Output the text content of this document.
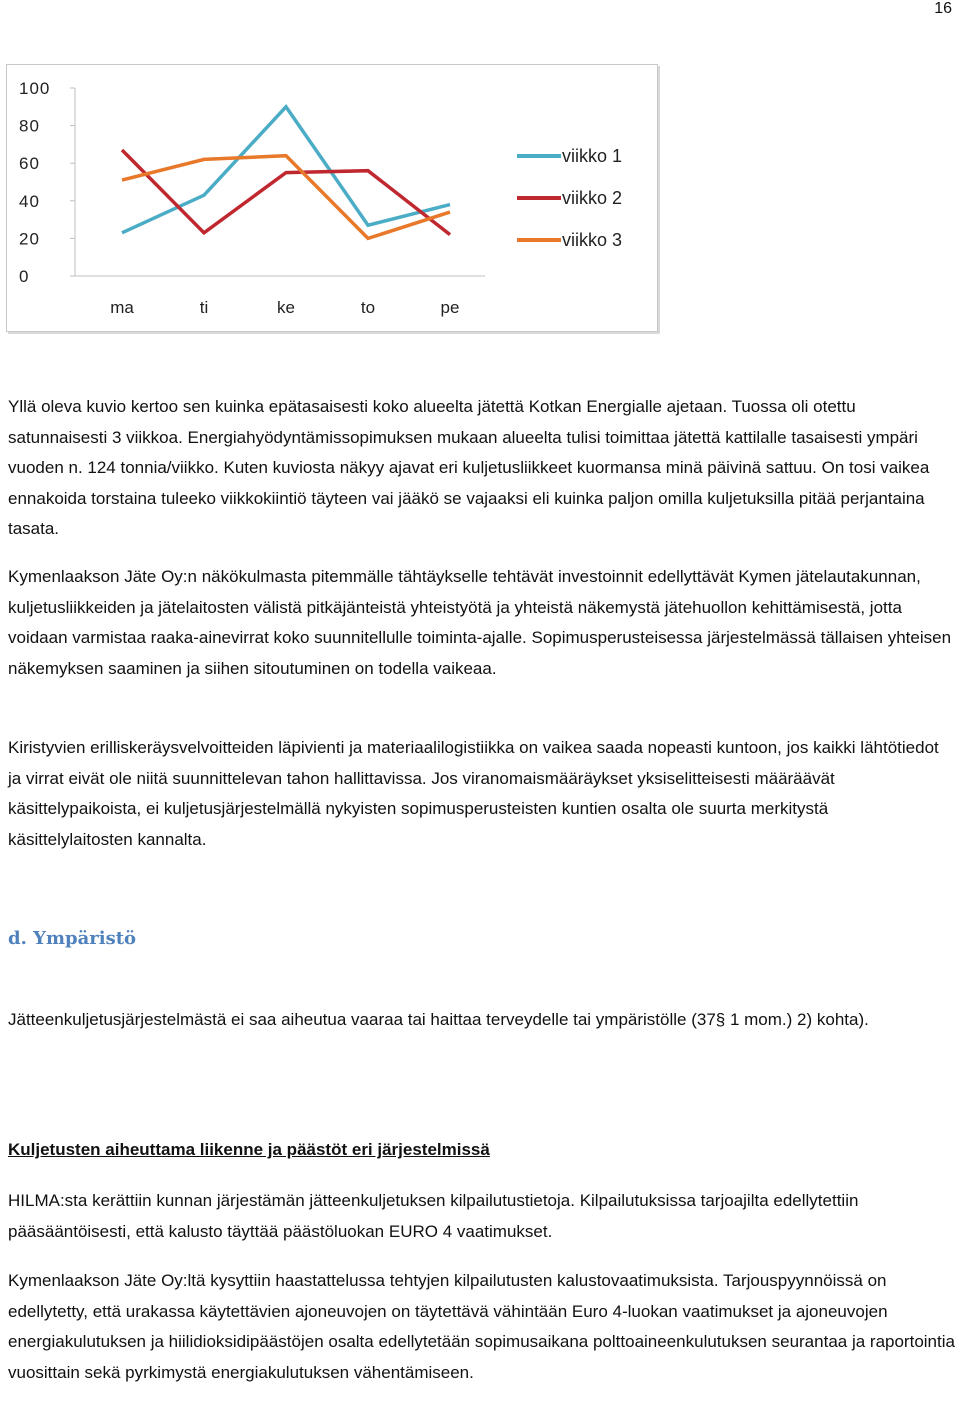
16
0
20
40
60
80
100
ma	ti	ke	to	pe
viikko 1
viikko 2
viikko 3

Yllä oleva kuvio kertoo sen kuinka epätasaisesti koko alueelta jätettä Kotkan Energialle ajetaan. Tuossa oli otettu satunnaisesti 3 viikkoa. Energiahyödyntämissopimuksen mukaan alueelta tulisi toimittaa jätettä kattilalle tasaisesti ympäri vuoden n. 124 tonnia/viikko. Kuten kuviosta näkyy ajavat eri kuljetusliikkeet kuormansa minä päivinä sattuu. On tosi vaikea ennakoida torstaina tuleeko viikkokiintiö täyteen vai jääkö se vajaaksi eli kuinka paljon omilla kuljetuksilla pitää perjantaina tasata.

Kymenlaakson Jäte Oy:n näkökulmasta pitemmälle tähtäykselle tehtävät investoinnit edellyttävät Kymen jätelautakunnan, kuljetusliikkeiden ja jätelaitosten välistä pitkäjänteistä yhteistyötä ja yhteistä näkemystä jätehuollon kehittämisestä, jotta voidaan varmistaa raaka-ainevirrat koko suunnitellulle toiminta-ajalle. Sopimusperusteisessa järjestelmässä tällaisen yhteisen näkemyksen saaminen ja siihen sitoutuminen on todella vaikeaa.

Kiristyvien erilliskeräysvelvoitteiden läpivienti ja materiaalilogistiikka on vaikea saada nopeasti kuntoon, jos kaikki lähtötiedot ja virrat eivät ole niitä suunnittelevan tahon hallittavissa. Jos viranomaismääräykset yksiselitteisesti määräävät käsittelypaikoista, ei kuljetusjärjestelmällä nykyisten sopimusperusteisten kuntien osalta ole suurta merkitystä käsittelylaitosten kannalta.

d. Ympäristö

Jätteenkuljetusjärjestelmästä ei saa aiheutua vaaraa tai haittaa terveydelle tai ympäristölle (37§ 1 mom.) 2) kohta).

Kuljetusten aiheuttama liikenne ja päästöt eri järjestelmissä

HILMA:sta kerättiin kunnan järjestämän jätteenkuljetuksen kilpailutustietoja. Kilpailutuksissa tarjoajilta edellytettiin pääsääntöisesti, että kalusto täyttää päästöluokan EURO 4 vaatimukset.

Kymenlaakson Jäte Oy:ltä kysyttiin haastattelussa tehtyjen kilpailutusten kalustovaatimuksista. Tarjouspyynnöissä on edellytetty, että urakassa käytettävien ajoneuvojen on täytettävä vähintään Euro 4-luokan vaatimukset ja ajoneuvojen energiakulutuksen ja hiilidioksidipäästöjen osalta edellytetään sopimusaikana polttoaineenkulutuksen seurantaa ja raportointia vuosittain sekä pyrkimystä energiakulutuksen vähentämiseen.
